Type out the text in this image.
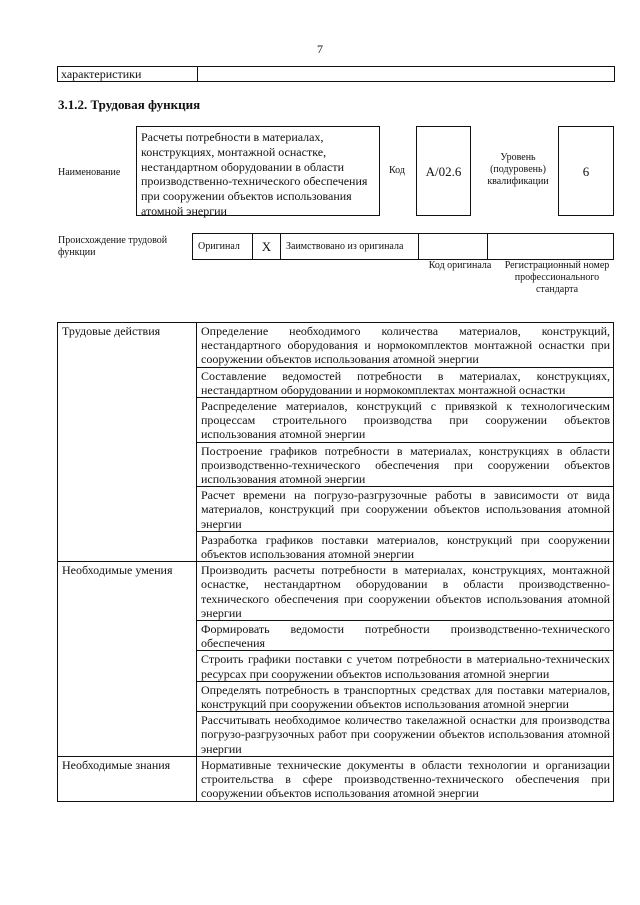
7
характеристики
3.1.2. Трудовая функция
Наименование
Расчеты потребности в материалах, конструкциях, монтажной оснастке, нестандартном оборудовании в области производственно-технического обеспечения при сооружении объектов использования атомной энергии
Код	A/02.6
Уровень (подуровень) квалификации
6
Происхождение трудовой функции
Оригинал	X	Заимствовано из оригинала
Код оригинала	Регистрационный номер профессионального стандарта
Трудовые действия	Определение необходимого количества материалов, конструкций, нестандартного оборудования и нормокомплектов монтажной оснастки при сооружении объектов использования атомной энергии
Составление ведомостей потребности в материалах, конструкциях, нестандартном оборудовании и нормокомплектах монтажной оснастки
Распределение материалов, конструкций с привязкой к технологическим процессам строительного производства при сооружении объектов использования атомной энергии
Построение графиков потребности в материалах, конструкциях в области производственно-технического обеспечения при сооружении объектов использования атомной энергии
Расчет времени на погрузо-разгрузочные работы в зависимости от вида материалов, конструкций при сооружении объектов использования атомной энергии
Разработка графиков поставки материалов, конструкций при сооружении объектов использования атомной энергии
Необходимые умения	Производить расчеты потребности в материалах, конструкциях, монтажной оснастке, нестандартном оборудовании в области производственно-технического обеспечения при сооружении объектов использования атомной энергии
Формировать ведомости потребности производственно-технического обеспечения
Строить графики поставки с учетом потребности в материально-технических ресурсах при сооружении объектов использования атомной энергии
Определять потребность в транспортных средствах для поставки материалов, конструкций при сооружении объектов использования атомной энергии
Рассчитывать необходимое количество такелажной оснастки для производства погрузо-разгрузочных работ при сооружении объектов использования атомной энергии
Необходимые знания	Нормативные технические документы в области технологии и организации строительства в сфере производственно-технического обеспечения при сооружении объектов использования атомной энергии
